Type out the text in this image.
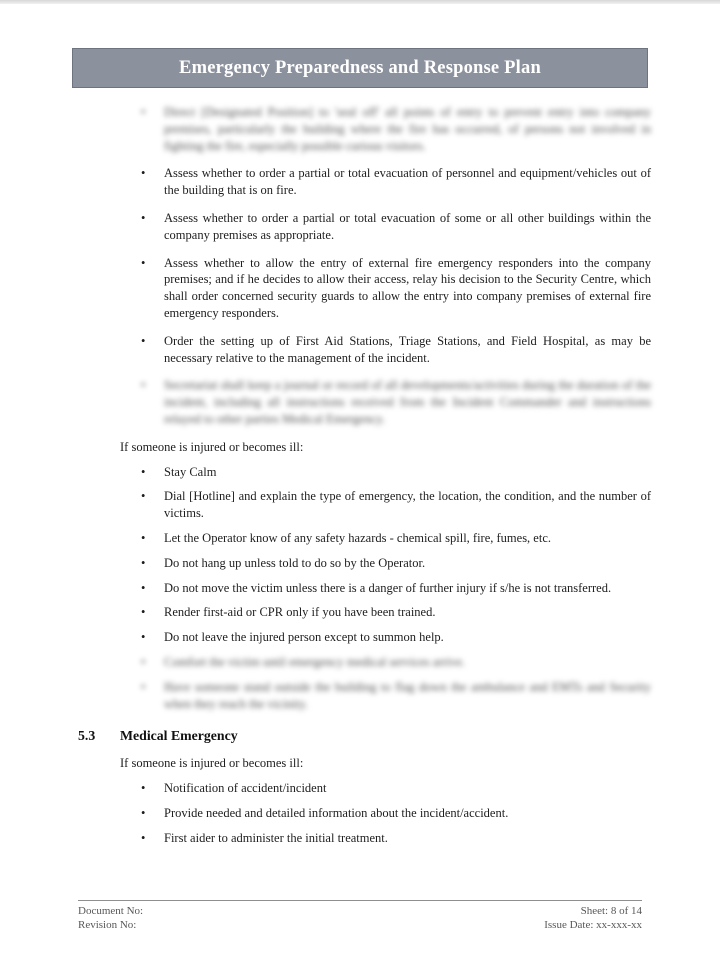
Emergency Preparedness and Response Plan
• Direct [Designated Position] to 'seal off' all points of entry to prevent entry into company premises, particularly the building where the fire has occurred, of persons not involved in fighting the fire, especially possible curious visitors.
• Assess whether to order a partial or total evacuation of personnel and equipment/vehicles out of the building that is on fire.
• Assess whether to order a partial or total evacuation of some or all other buildings within the company premises as appropriate.
• Assess whether to allow the entry of external fire emergency responders into the company premises; and if he decides to allow their access, relay his decision to the Security Centre, which shall order concerned security guards to allow the entry into company premises of external fire emergency responders.
• Order the setting up of First Aid Stations, Triage Stations, and Field Hospital, as may be necessary relative to the management of the incident.
• Secretariat shall keep a journal or record of all developments/activities during the duration of the incident, including all instructions received from the Incident Commander and instructions relayed to other parties Medical Emergency.

If someone is injured or becomes ill:

• Stay Calm
• Dial [Hotline] and explain the type of emergency, the location, the condition, and the number of victims.
• Let the Operator know of any safety hazards - chemical spill, fire, fumes, etc.
• Do not hang up unless told to do so by the Operator.
• Do not move the victim unless there is a danger of further injury if s/he is not transferred.
• Render first-aid or CPR only if you have been trained.
• Do not leave the injured person except to summon help.
• Comfort the victim until emergency medical services arrive.
• Have someone stand outside the building to flag down the ambulance and EMTs and Security when they reach the vicinity.
5.3	Medical Emergency

If someone is injured or becomes ill:

• Notification of accident/incident
• Provide needed and detailed information about the incident/accident.
• First aider to administer the initial treatment.
Document No:
Revision No:
Sheet: 8 of 14
Issue Date: xx-xxx-xx
